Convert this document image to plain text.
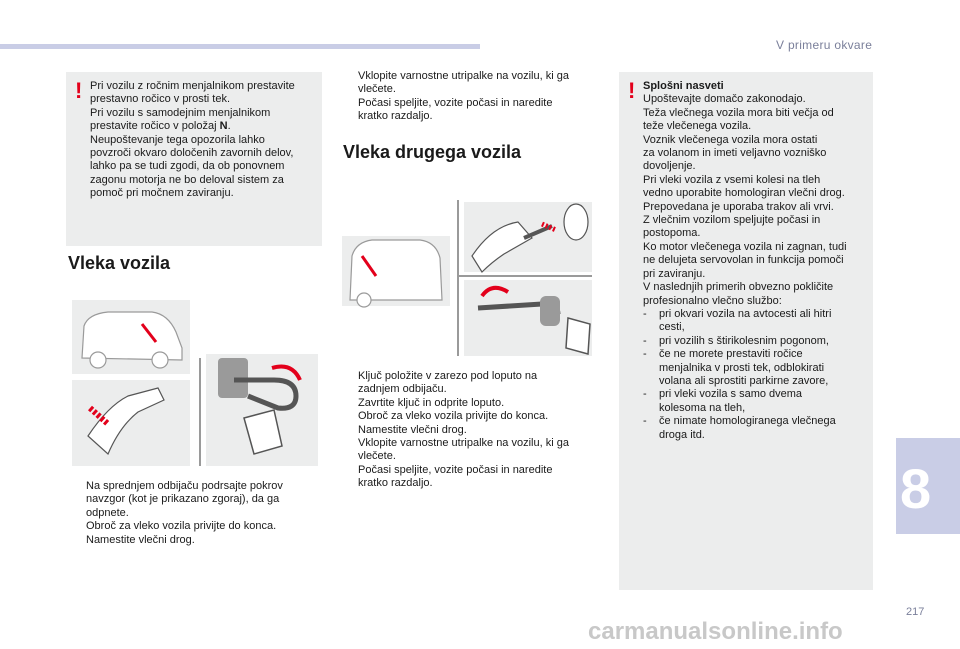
V primeru okvare
! Pri vozilu z ročnim menjalnikom prestavite
prestavno ročico v prosti tek.
Pri vozilu s samodejnim menjalnikom
prestavite ročico v položaj N.
Neupoštevanje tega opozorila lahko
povzroči okvaro določenih zavornih delov,
lahko pa se tudi zgodi, da ob ponovnem
zagonu motorja ne bo deloval sistem za
pomoč pri močnem zaviranju.
Vleka vozila
Na sprednjem odbijaču podrsajte pokrov
navzgor (kot je prikazano zgoraj), da ga
odpnete.
Obroč za vleko vozila privijte do konca.
Namestite vlečni drog.
Vklopite varnostne utripalke na vozilu, ki ga
vlečete.
Počasi speljite, vozite počasi in naredite
kratko razdaljo.
Vleka drugega vozila
Ključ položite v zarezo pod loputo na
zadnjem odbijaču.
Zavrtite ključ in odprite loputo.
Obroč za vleko vozila privijte do konca.
Namestite vlečni drog.
Vklopite varnostne utripalke na vozilu, ki ga
vlečete.
Počasi speljite, vozite počasi in naredite
kratko razdaljo.
! Splošni nasveti
Upoštevajte domačo zakonodajo.
Teža vlečnega vozila mora biti večja od
teže vlečenega vozila.
Voznik vlečenega vozila mora ostati
za volanom in imeti veljavno vozniško
dovoljenje.
Pri vleki vozila z vsemi kolesi na tleh
vedno uporabite homologiran vlečni drog.
Prepovedana je uporaba trakov ali vrvi.
Z vlečnim vozilom speljujte počasi in
postopoma.
Ko motor vlečenega vozila ni zagnan, tudi
ne delujeta servovolan in funkcija pomoči
pri zaviranju.
V naslednjih primerih obvezno pokličite
profesionalno vlečno službo:
- pri okvari vozila na avtocesti ali hitri
cesti,
- pri vozilih s štirikolesnim pogonom,
- če ne morete prestaviti ročice
menjalnika v prosti tek, odblokirati
volana ali sprostiti parkirne zavore,
- pri vleki vozila s samo dvema
kolesoma na tleh,
- če nimate homologiranega vlečnega
droga itd.
8
217
carmanualsonline.info
